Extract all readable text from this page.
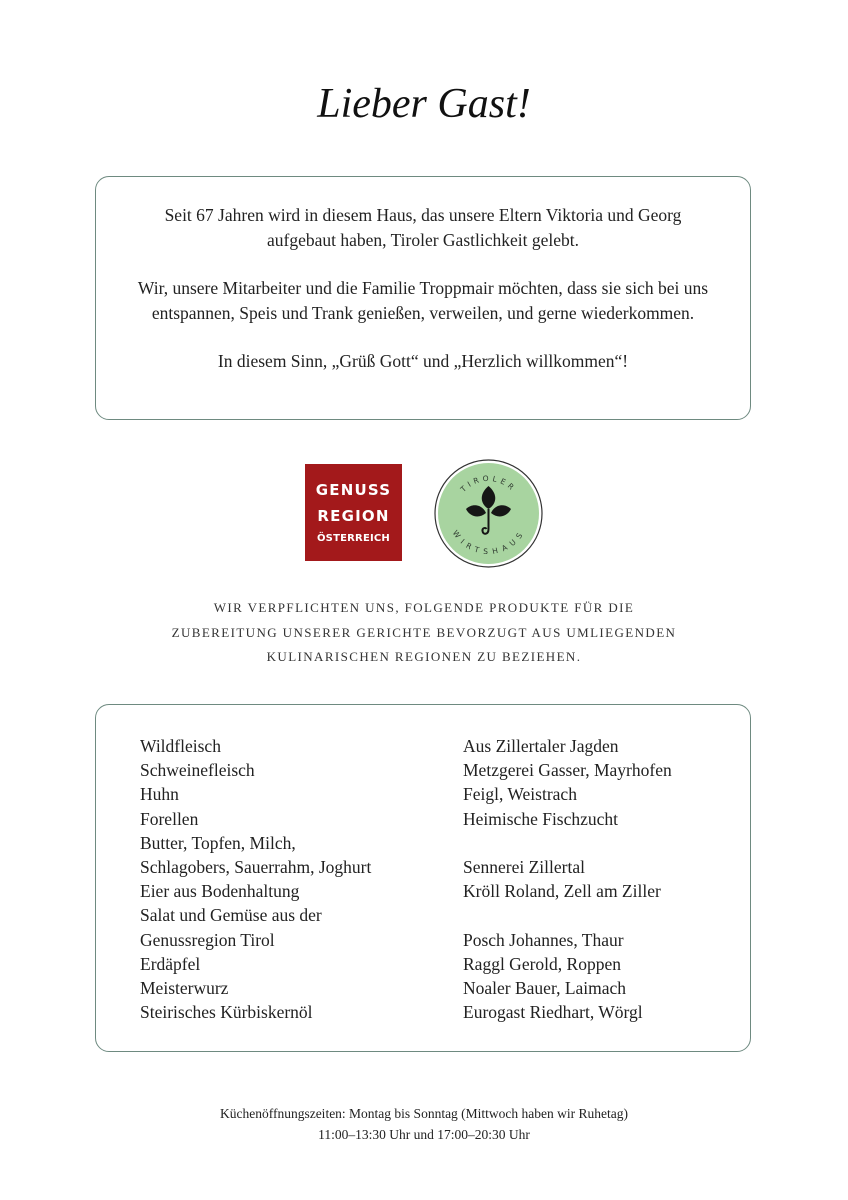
Lieber Gast!

Seit 67 Jahren wird in diesem Haus, das unsere Eltern Viktoria und Georg aufgebaut haben, Tiroler Gastlichkeit gelebt.

Wir, unsere Mitarbeiter und die Familie Troppmair möchten, dass sie sich bei uns entspannen, Speis und Trank genießen, verweilen, und gerne wiederkommen.

In diesem Sinn, „Grüß Gott“ und „Herzlich willkommen“!

GENUSS
REGION
ÖSTERREICH
TIROLER
WIRTSHAUS
WIR VERPFLICHTEN UNS, FOLGENDE PRODUKTE FÜR DIE
ZUBEREITUNG UNSERER GERICHTE BEVORZUGT AUS UMLIEGENDEN
KULINARISCHEN REGIONEN ZU BEZIEHEN.
Wildfleisch
Schweinefleisch
Huhn
Forellen
Butter, Topfen, Milch,
Schlagobers, Sauerrahm, Joghurt
Eier aus Bodenhaltung
Salat und Gemüse aus der
Genussregion Tirol
Erdäpfel
Meisterwurz
Steirisches Kürbiskernöl
Aus Zillertaler Jagden
Metzgerei Gasser, Mayrhofen
Feigl, Weistrach
Heimische Fischzucht
Sennerei Zillertal
Kröll Roland, Zell am Ziller
Posch Johannes, Thaur
Raggl Gerold, Roppen
Noaler Bauer, Laimach
Eurogast Riedhart, Wörgl
Küchenöffnungszeiten: Montag bis Sonntag (Mittwoch haben wir Ruhetag)
11:00–13:30 Uhr und 17:00–20:30 Uhr
